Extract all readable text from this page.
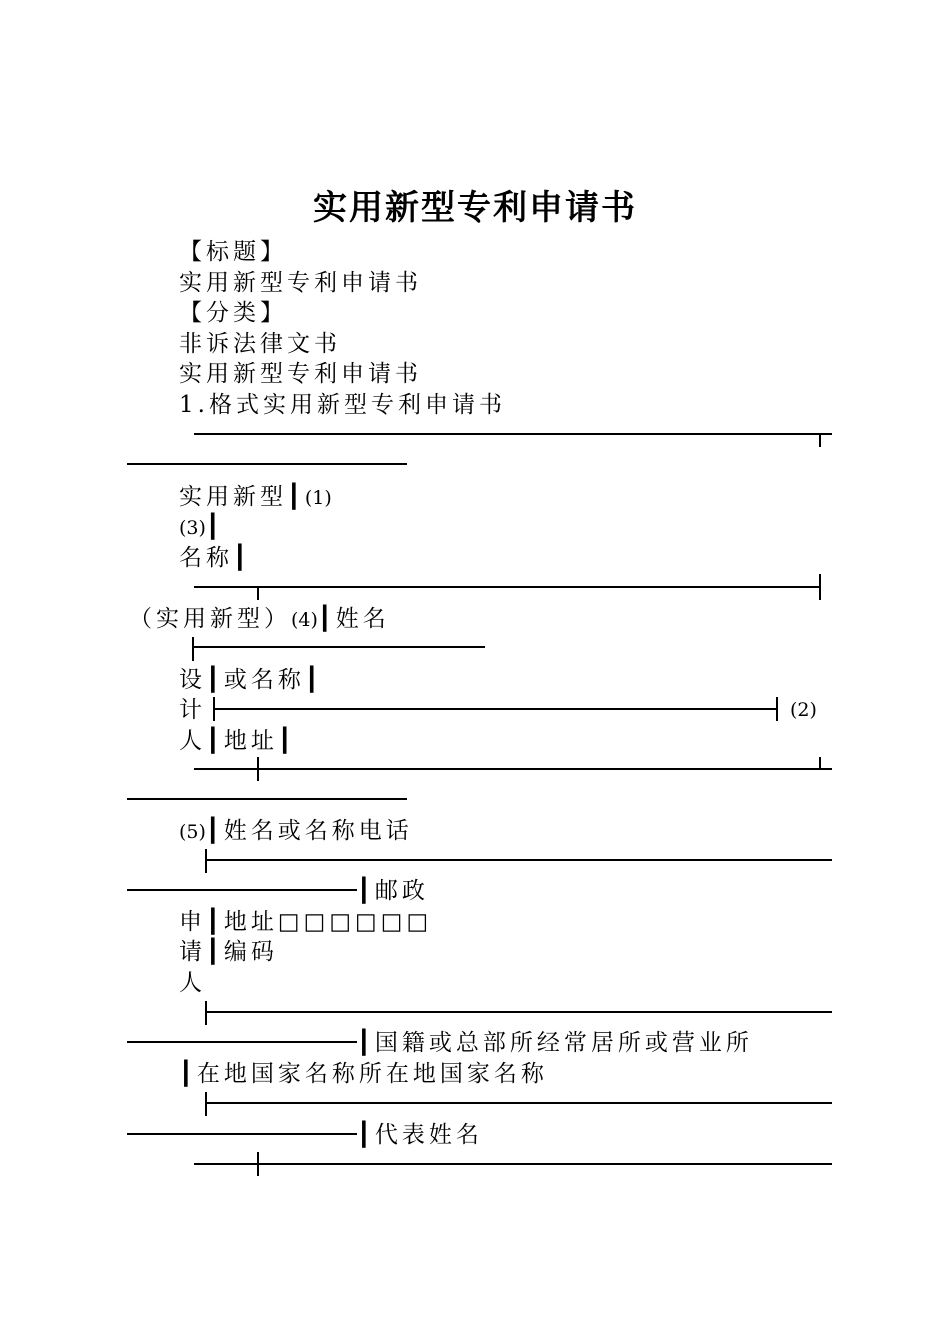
实用新型专利申请书
【标题】
实用新型专利申请书
【分类】
非诉法律文书
实用新型专利申请书
1.格式实用新型专利申请书
实用新型┃(1)
(3)┃
名称┃
（实用新型）(4)┃姓名
设┃或名称┃
计	(2)
人┃地址┃
(5)┃姓名或名称电话
┃邮政
申┃地址□□□□□□
请┃编码
人
┃国籍或总部所经常居所或营业所
┃在地国家名称所在地国家名称
┃代表姓名
